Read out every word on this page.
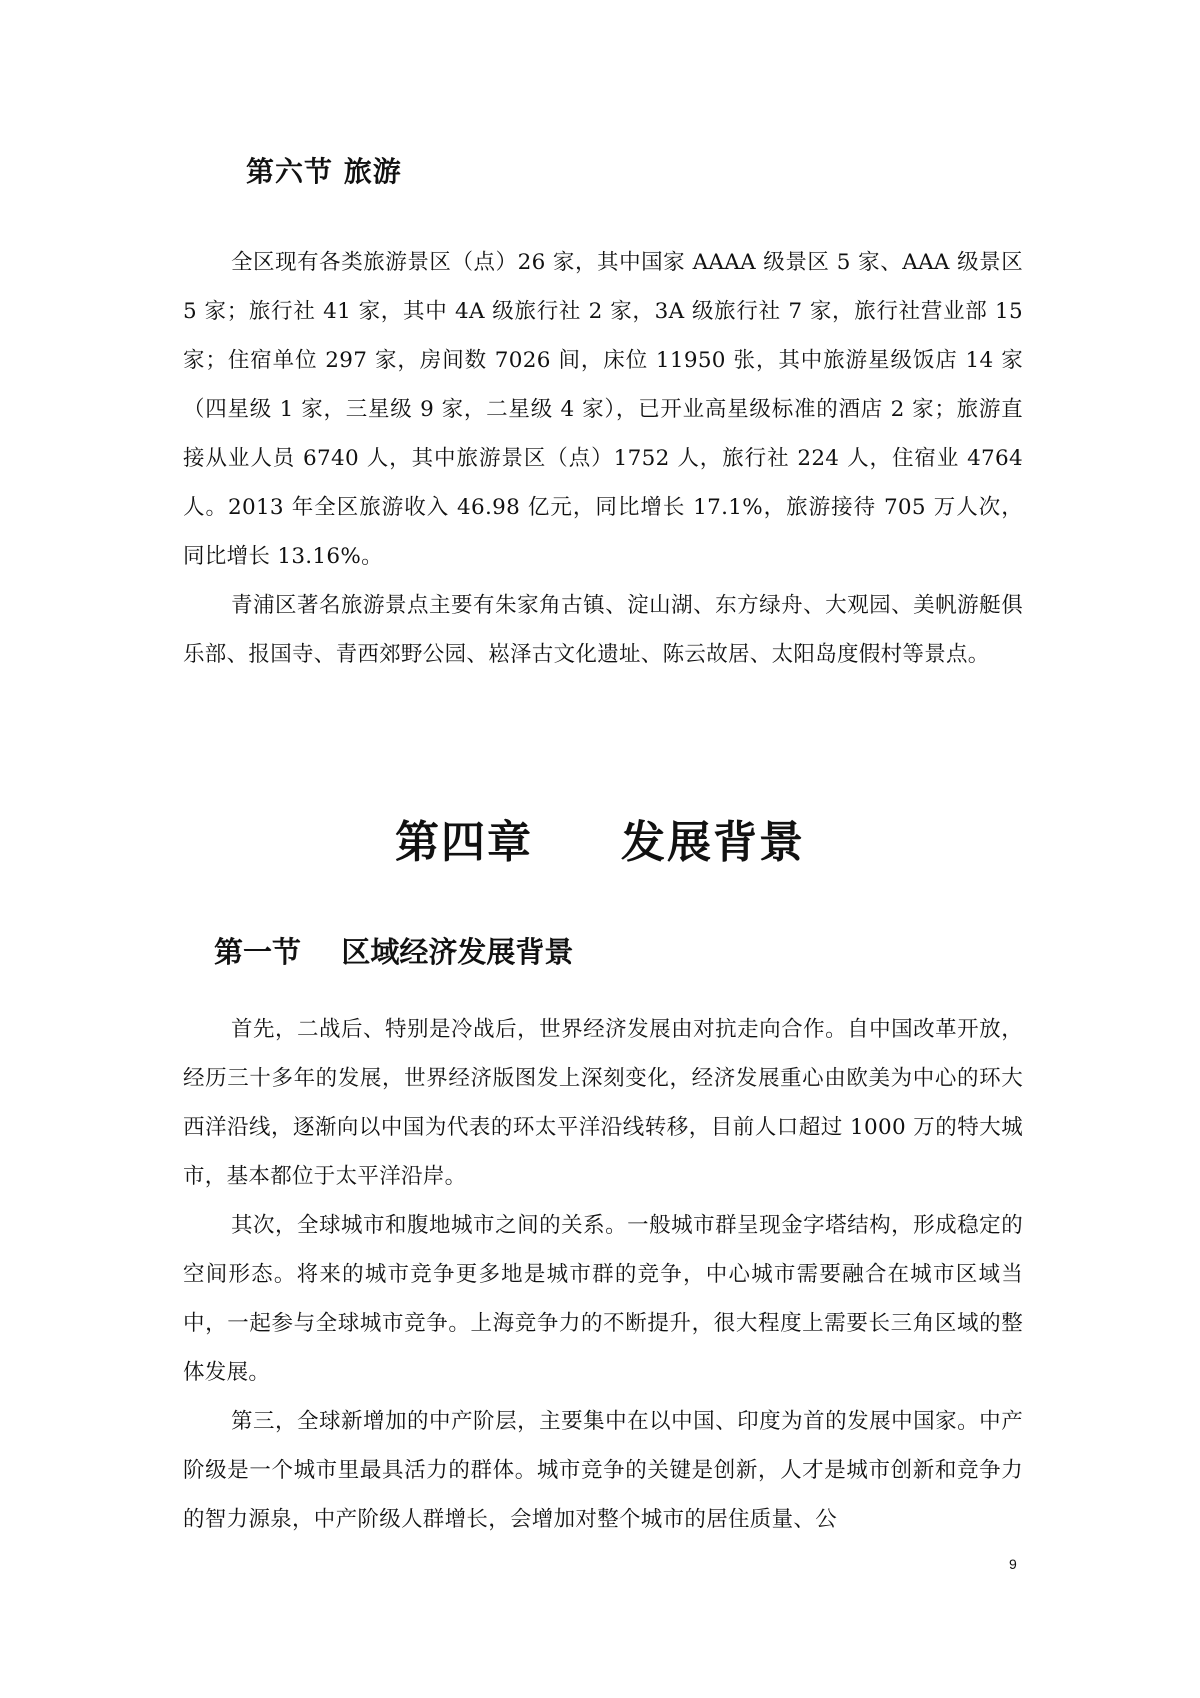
第六节 旅游

全区现有各类旅游景区（点）26 家，其中国家 AAAA 级景区 5 家、AAA 级景区 5 家；旅行社 41 家，其中 4A 级旅行社 2 家，3A 级旅行社 7 家，旅行社营业部 15 家；住宿单位 297 家，房间数 7026 间，床位 11950 张，其中旅游星级饭店 14 家（四星级 1 家，三星级 9 家，二星级 4 家），已开业高星级标准的酒店 2 家；旅游直接从业人员 6740 人，其中旅游景区（点）1752 人，旅行社 224 人，住宿业 4764 人。2013 年全区旅游收入 46.98 亿元，同比增长 17.1%，旅游接待 705 万人次，同比增长 13.16%。

青浦区著名旅游景点主要有朱家角古镇、淀山湖、东方绿舟、大观园、美帆游艇俱乐部、报国寺、青西郊野公园、崧泽古文化遗址、陈云故居、太阳岛度假村等景点。

第四章   发展背景
第一节    区域经济发展背景

首先，二战后、特别是冷战后，世界经济发展由对抗走向合作。自中国改革开放，经历三十多年的发展，世界经济版图发上深刻变化，经济发展重心由欧美为中心的环大西洋沿线，逐渐向以中国为代表的环太平洋沿线转移，目前人口超过 1000 万的特大城市，基本都位于太平洋沿岸。

其次，全球城市和腹地城市之间的关系。一般城市群呈现金字塔结构，形成稳定的空间形态。将来的城市竞争更多地是城市群的竞争，中心城市需要融合在城市区域当中，一起参与全球城市竞争。上海竞争力的不断提升，很大程度上需要长三角区域的整体发展。

第三，全球新增加的中产阶层，主要集中在以中国、印度为首的发展中国家。中产阶级是一个城市里最具活力的群体。城市竞争的关键是创新，人才是城市创新和竞争力的智力源泉，中产阶级人群增长，会增加对整个城市的居住质量、公

9
